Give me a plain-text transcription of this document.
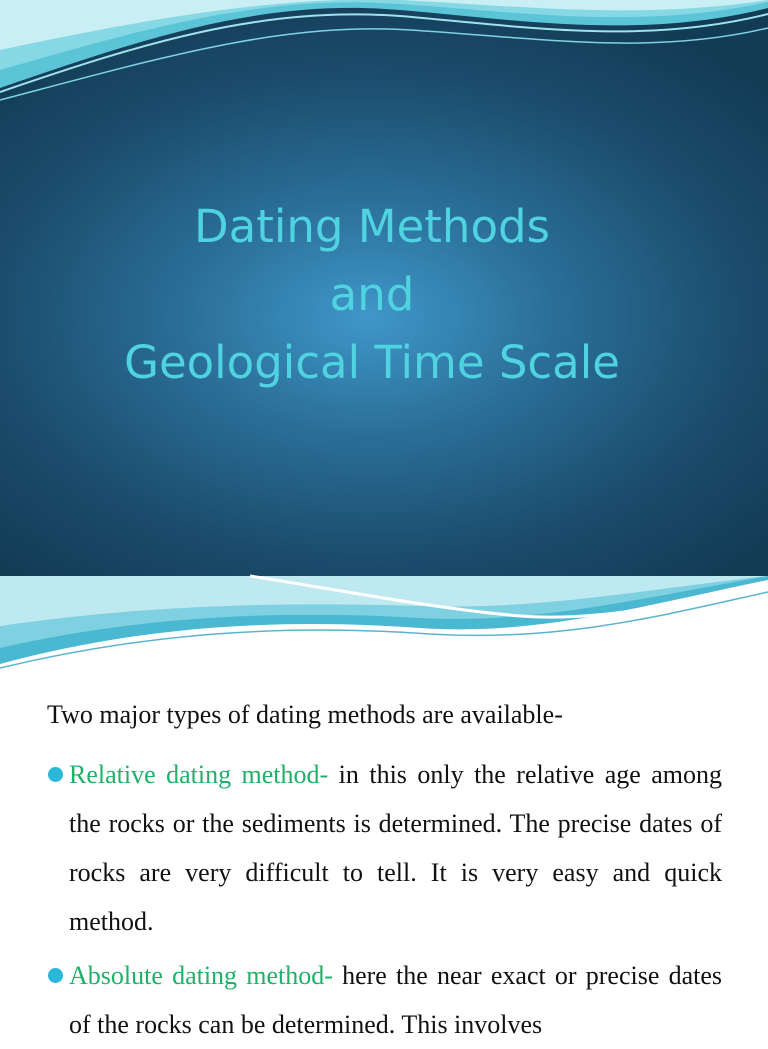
Dating Methods
and
Geological Time Scale
Two major types of dating methods are available-
Relative dating method- in this only the relative age among the rocks or the sediments is determined. The precise dates of rocks are very difficult to tell. It is very easy and quick method.
Absolute dating method- here the near exact or precise dates of the rocks can be determined. This involves
